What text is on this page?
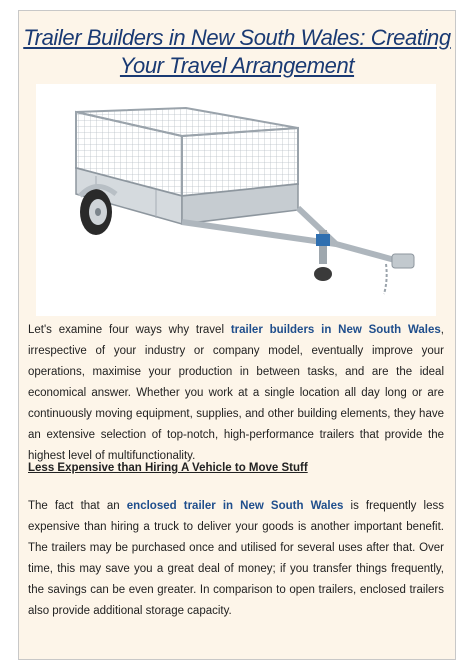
Trailer Builders in New South Wales: Creating
Your Travel Arrangement
Let's examine four ways why travel trailer builders in New South Wales, irrespective of your industry or company model, eventually improve your operations, maximise your production in between tasks, and are the ideal economical answer. Whether you work at a single location all day long or are continuously moving equipment, supplies, and other building elements, they have an extensive selection of top-notch, high-performance trailers that provide the highest level of multifunctionality.
Less Expensive than Hiring A Vehicle to Move Stuff
The fact that an enclosed trailer in New South Wales is frequently less expensive than hiring a truck to deliver your goods is another important benefit. The trailers may be purchased once and utilised for several uses after that. Over time, this may save you a great deal of money; if you transfer things frequently, the savings can be even greater. In comparison to open trailers, enclosed trailers also provide additional storage capacity.
